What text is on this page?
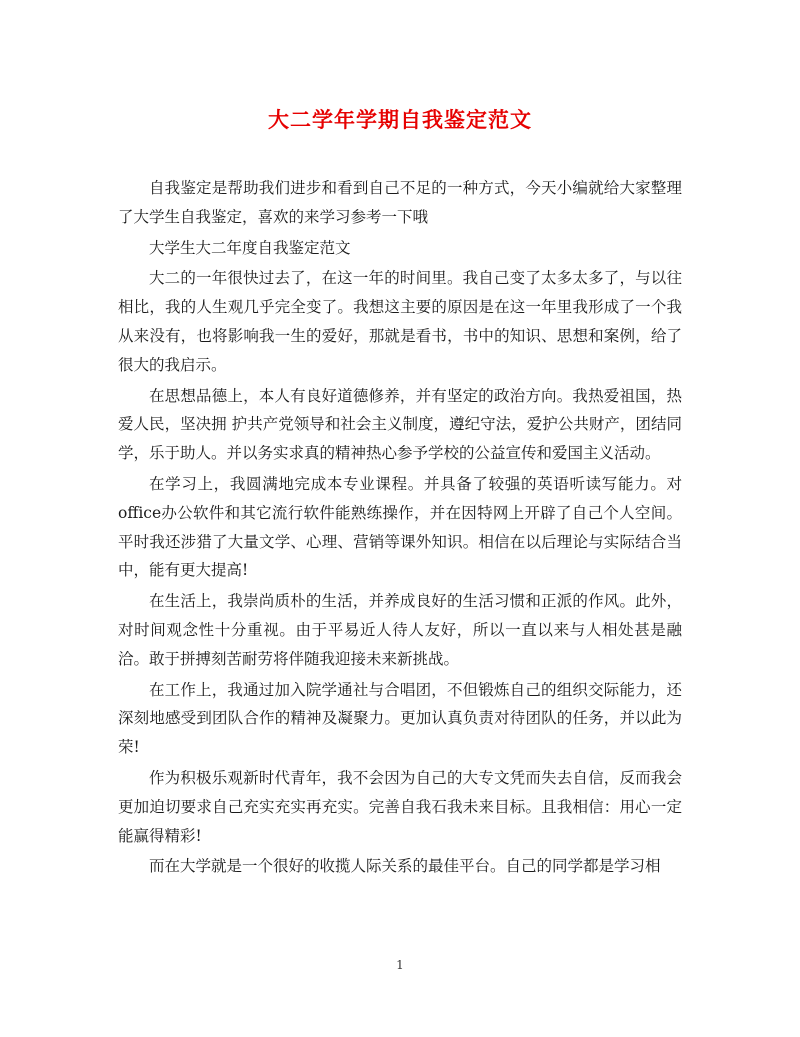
大二学年学期自我鉴定范文

自我鉴定是帮助我们进步和看到自己不足的一种方式，今天小编就给大家整理了大学生自我鉴定，喜欢的来学习参考一下哦

大学生大二年度自我鉴定范文

大二的一年很快过去了，在这一年的时间里。我自己变了太多太多了，与以往相比，我的人生观几乎完全变了。我想这主要的原因是在这一年里我形成了一个我从来没有，也将影响我一生的爱好，那就是看书，书中的知识、思想和案例，给了很大的我启示。

在思想品德上，本人有良好道德修养，并有坚定的政治方向。我热爱祖国，热爱人民，坚决拥 护共产党领导和社会主义制度，遵纪守法，爱护公共财产，团结同学，乐于助人。并以务实求真的精神热心参予学校的公益宣传和爱国主义活动。

在学习上，我圆满地完成本专业课程。并具备了较强的英语听读写能力。对office办公软件和其它流行软件能熟练操作，并在因特网上开辟了自己个人空间。平时我还涉猎了大量文学、心理、营销等课外知识。相信在以后理论与实际结合当中，能有更大提高!

在生活上，我崇尚质朴的生活，并养成良好的生活习惯和正派的作风。此外，对时间观念性十分重视。由于平易近人待人友好，所以一直以来与人相处甚是融洽。敢于拼搏刻苦耐劳将伴随我迎接未来新挑战。

在工作上，我通过加入院学通社与合唱团，不但锻炼自己的组织交际能力，还深刻地感受到团队合作的精神及凝聚力。更加认真负责对待团队的任务，并以此为荣!

作为积极乐观新时代青年，我不会因为自己的大专文凭而失去自信，反而我会更加迫切要求自己充实充实再充实。完善自我石我未来目标。且我相信：用心一定能赢得精彩!

而在大学就是一个很好的收揽人际关系的最佳平台。自己的同学都是学习相

1
